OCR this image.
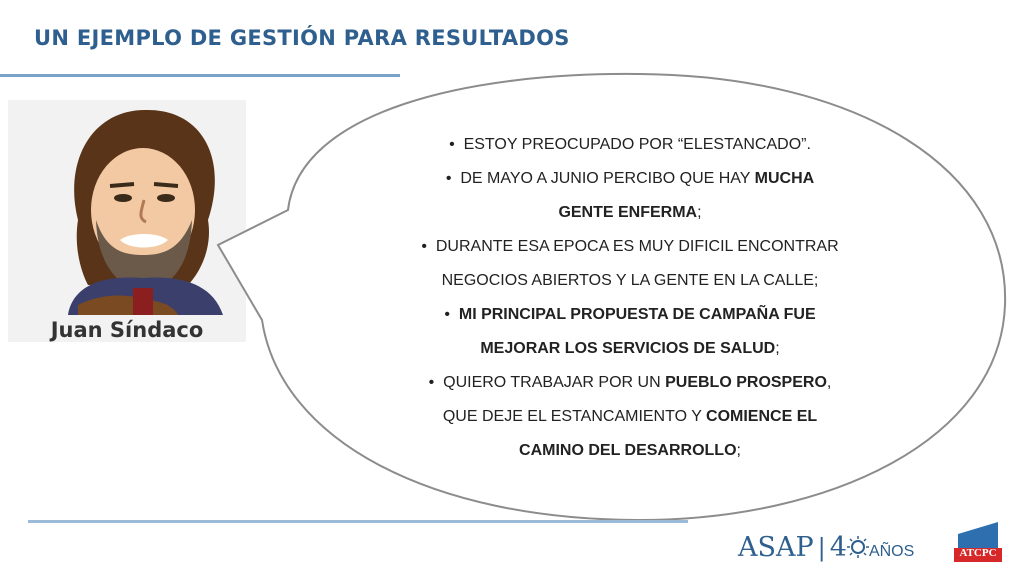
UN EJEMPLO DE GESTIÓN PARA RESULTADOS
Juan Síndaco

• ESTOY PREOCUPADO POR “ELESTANCADO”.

• DE MAYO A JUNIO PERCIBO QUE HAY MUCHA

GENTE ENFERMA;

• DURANTE ESA EPOCA ES MUY DIFICIL ENCONTRAR

NEGOCIOS ABIERTOS Y LA GENTE EN LA CALLE;

• MI PRINCIPAL PROPUESTA DE CAMPAÑA FUE

MEJORAR LOS SERVICIOS DE SALUD;

• QUIERO TRABAJAR POR UN PUEBLO PROSPERO,

QUE DEJE EL ESTANCAMIENTO Y COMIENCE EL

CAMINO DEL DESARROLLO;

ASAP | 4 AÑOS	ATCPC
